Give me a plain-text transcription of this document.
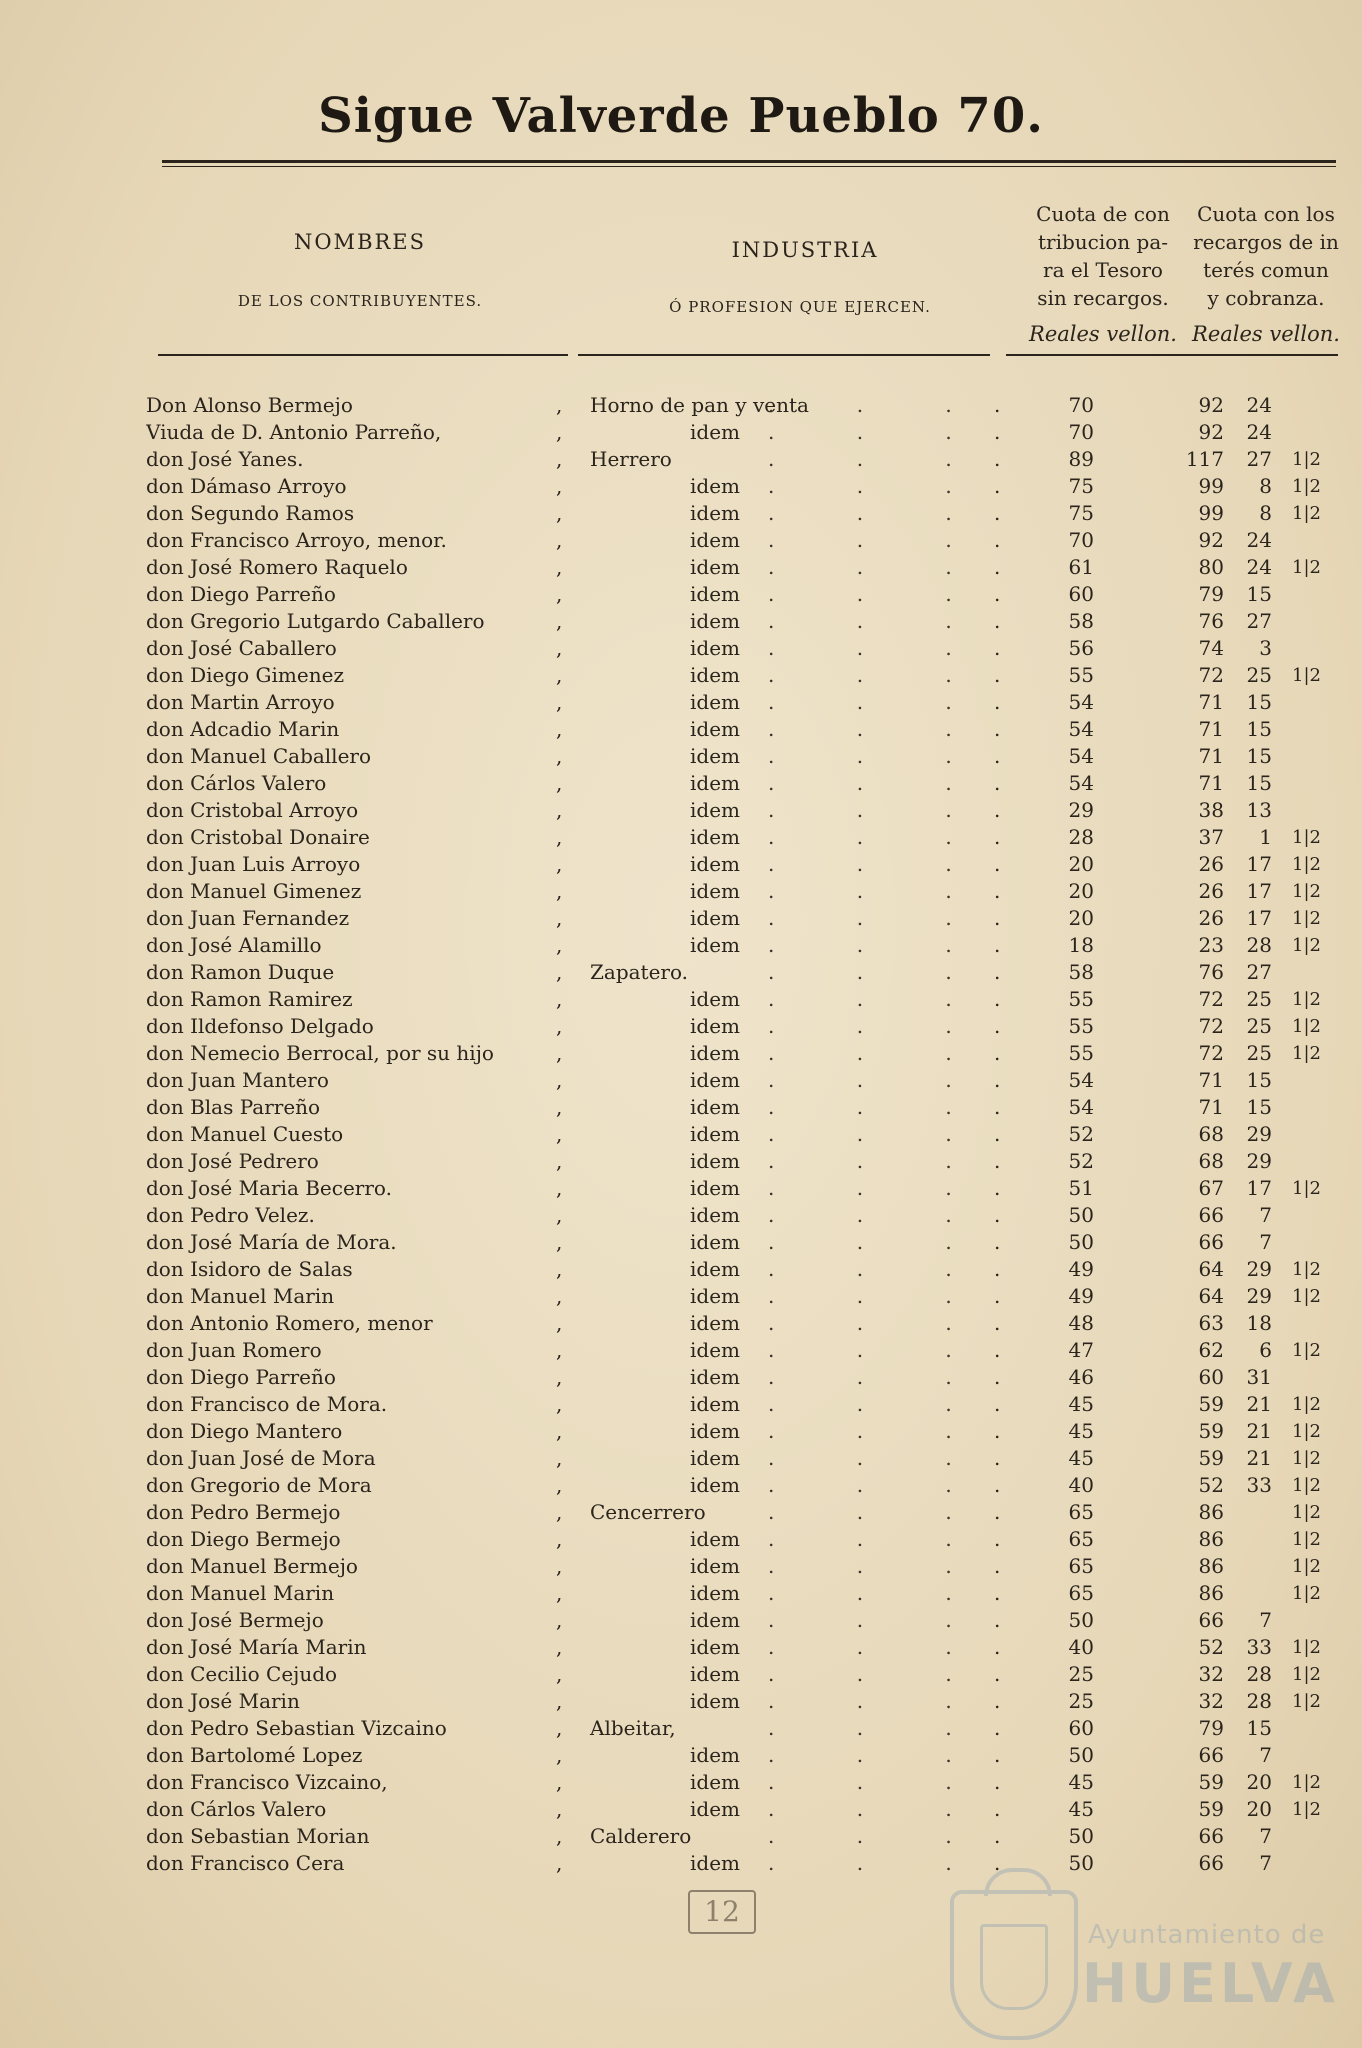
Sigue Valverde Pueblo 70.
NOMBRES
DE LOS CONTRIBUYENTES.
INDUSTRIA
Ó PROFESION QUE EJERCEN.
Cuota de con
tribucion pa-
ra el Tesoro
sin recargos.
Cuota con los
recargos de in
terés comun
y cobranza.
Reales vellon. Reales vellon.
Don Alonso Bermejo	Horno de pan y venta	70	92	24
,	. . . .
Viuda de D. Antonio Parreño,	idem	70	92	24
,	. . . .
don José Yanes.	Herrero	89	117	27 1|2
,	. . . .
don Dámaso Arroyo	idem	75	99	8 1|2
,	. . . .
don Segundo Ramos	idem	75	99	8 1|2
,	. . . .
don Francisco Arroyo, menor.	idem	70	92	24
,	. . . .
don José Romero Raquelo	idem	61	80	24 1|2
,	. . . .
don Diego Parreño	idem	60	79	15
,	. . . .
don Gregorio Lutgardo Caballero	idem	58	76	27
,	. . . .
don José Caballero	idem	56	74	3
,	. . . .
don Diego Gimenez	idem	55	72	25 1|2
,	. . . .
don Martin Arroyo	idem	54	71	15
,	. . . .
don Adcadio Marin	idem	54	71	15
,	. . . .
don Manuel Caballero	idem	54	71	15
,	. . . .
don Cárlos Valero	idem	54	71	15
,	. . . .
don Cristobal Arroyo	idem	29	38	13
,	. . . .
don Cristobal Donaire	idem	28	37	1 1|2
,	. . . .
don Juan Luis Arroyo	idem	20	26	17 1|2
,	. . . .
don Manuel Gimenez	idem	20	26	17 1|2
,	. . . .
don Juan Fernandez	idem	20	26	17 1|2
,	. . . .
don José Alamillo	idem	18	23	28 1|2
,	. . . .
don Ramon Duque	Zapatero.	58	76	27
,	. . . .
don Ramon Ramirez	idem	55	72	25 1|2
,	. . . .
don Ildefonso Delgado	idem	55	72	25 1|2
,	. . . .
don Nemecio Berrocal, por su hijo	idem	55	72	25 1|2
,	. . . .
don Juan Mantero	idem	54	71	15
,	. . . .
don Blas Parreño	idem	54	71	15
,	. . . .
don Manuel Cuesto	idem	52	68	29
,	. . . .
don José Pedrero	idem	52	68	29
,	. . . .
don José Maria Becerro.	idem	51	67	17 1|2
,	. . . .
don Pedro Velez.	idem	50	66	7
,	. . . .
don José María de Mora.	idem	50	66	7
,	. . . .
don Isidoro de Salas	idem	49	64	29 1|2
,	. . . .
don Manuel Marin	idem	49	64	29 1|2
,	. . . .
don Antonio Romero, menor	idem	48	63	18
,	. . . .
don Juan Romero	idem	47	62	6 1|2
,	. . . .
don Diego Parreño	idem	46	60	31
,	. . . .
don Francisco de Mora.	idem	45	59	21 1|2
,	. . . .
don Diego Mantero	idem	45	59	21 1|2
,	. . . .
don Juan José de Mora	idem	45	59	21 1|2
,	. . . .
don Gregorio de Mora	idem	40	52	33 1|2
,	. . . .
don Pedro Bermejo	Cencerrero	65	86	1|2
,	. . . .
don Diego Bermejo	idem	65	86	1|2
,	. . . .
don Manuel Bermejo	idem	65	86	1|2
,	. . . .
don Manuel Marin	idem	65	86	1|2
,	. . . .
don José Bermejo	idem	50	66	7
,	. . . .
don José María Marin	idem	40	52	33 1|2
,	. . . .
don Cecilio Cejudo	idem	25	32	28 1|2
,	. . . .
don José Marin	idem	25	32	28 1|2
,	. . . .
don Pedro Sebastian Vizcaino	Albeitar,	60	79	15
,	. . . .
don Bartolomé Lopez	idem	50	66	7
,	. . . .
don Francisco Vizcaino,	idem	45	59	20 1|2
,	. . . .
don Cárlos Valero	idem	45	59	20 1|2
,	. . . .
don Sebastian Morian	Calderero	50	66	7
,	. . . .
don Francisco Cera	idem	50	66	7
,	. . . .
12
Ayuntamiento de
HUELVA
